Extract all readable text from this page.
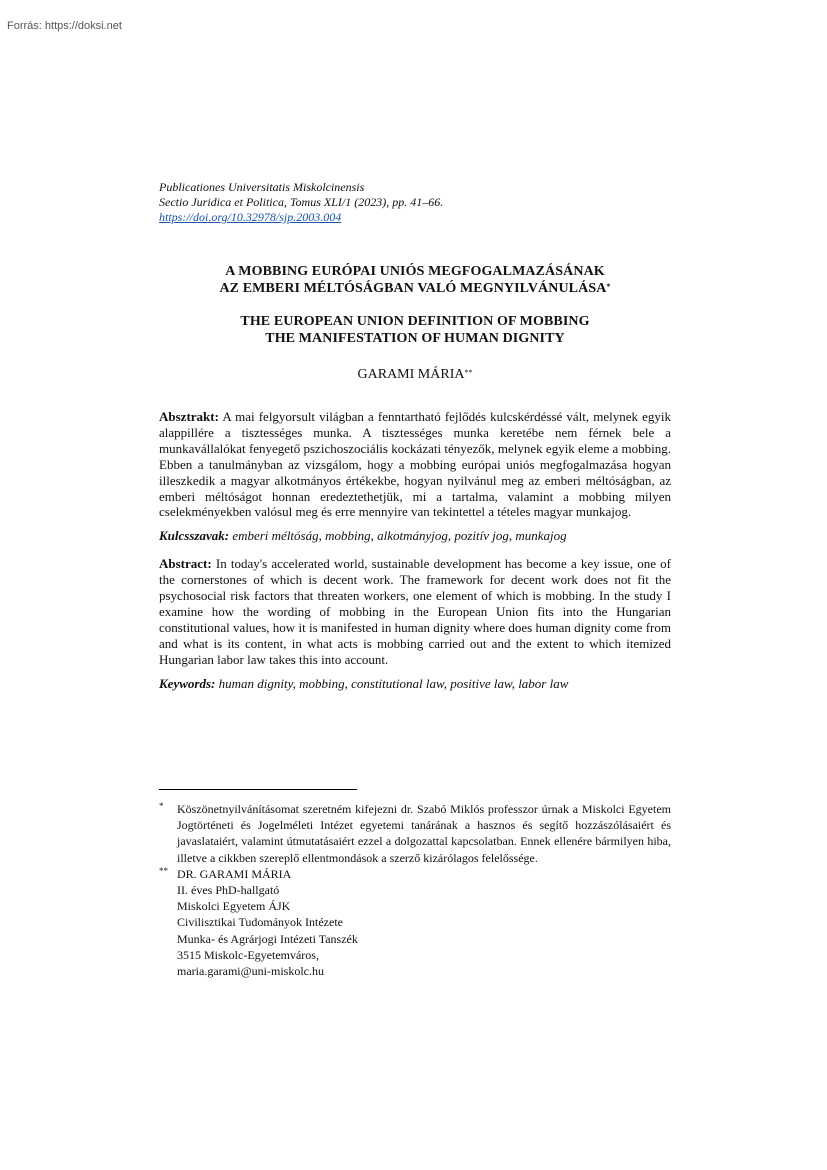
Forrás: https://doksi.net
Publicationes Universitatis Miskolcinensis
Sectio Juridica et Politica, Tomus XLI/1 (2023), pp. 41–66.
https://doi.org/10.32978/sjp.2003.004
A MOBBING EURÓPAI UNIÓS MEGFOGALMAZÁSÁNAK
AZ EMBERI MÉLTÓSÁGBAN VALÓ MEGNYILVÁNULÁSA*
THE EUROPEAN UNION DEFINITION OF MOBBING
THE MANIFESTATION OF HUMAN DIGNITY
GARAMI MÁRIA**

Absztrakt: A mai felgyorsult világban a fenntartható fejlődés kulcskérdéssé vált, melynek egyik alappillére a tisztességes munka. A tisztességes munka keretébe nem férnek bele a munkavállalókat fenyegető pszichoszociális kockázati tényezők, melynek egyik eleme a mobbing. Ebben a tanulmányban az vizsgálom, hogy a mobbing európai uniós megfogalmazása hogyan illeszkedik a magyar alkotmányos értékekbe, hogyan nyilvánul meg az emberi méltóságban, az emberi méltóságot honnan eredeztethetjük, mi a tartalma, valamint a mobbing milyen cselekményekben valósul meg és erre mennyire van tekintettel a tételes magyar munkajog.

Kulcsszavak: emberi méltóság, mobbing, alkotmányjog, pozitív jog, munkajog

Abstract: In today's accelerated world, sustainable development has become a key issue, one of the cornerstones of which is decent work. The framework for decent work does not fit the psychosocial risk factors that threaten workers, one element of which is mobbing. In the study I examine how the wording of mobbing in the European Union fits into the Hungarian constitutional values, how it is manifested in human dignity where does human dignity come from and what is its content, in what acts is mobbing carried out and the extent to which itemized Hungarian labor law takes this into account.

Keywords: human dignity, mobbing, constitutional law, positive law, labor law
* Köszönetnyilvánításomat szeretném kifejezni dr. Szabó Miklós professzor úrnak a Miskolci Egyetem Jogtörténeti és Jogelméleti Intézet egyetemi tanárának a hasznos és segítő hozzászólásaiért és javaslataiért, valamint útmutatásaiért ezzel a dolgozattal kapcsolatban. Ennek ellenére bármilyen hiba, illetve a cikkben szereplő ellentmondások a szerző kizárólagos felelőssége.
** DR. GARAMI MÁRIA
II. éves PhD-hallgató
Miskolci Egyetem ÁJK
Civilisztikai Tudományok Intézete
Munka- és Agrárjogi Intézeti Tanszék
3515 Miskolc-Egyetemváros,
maria.garami@uni-miskolc.hu
